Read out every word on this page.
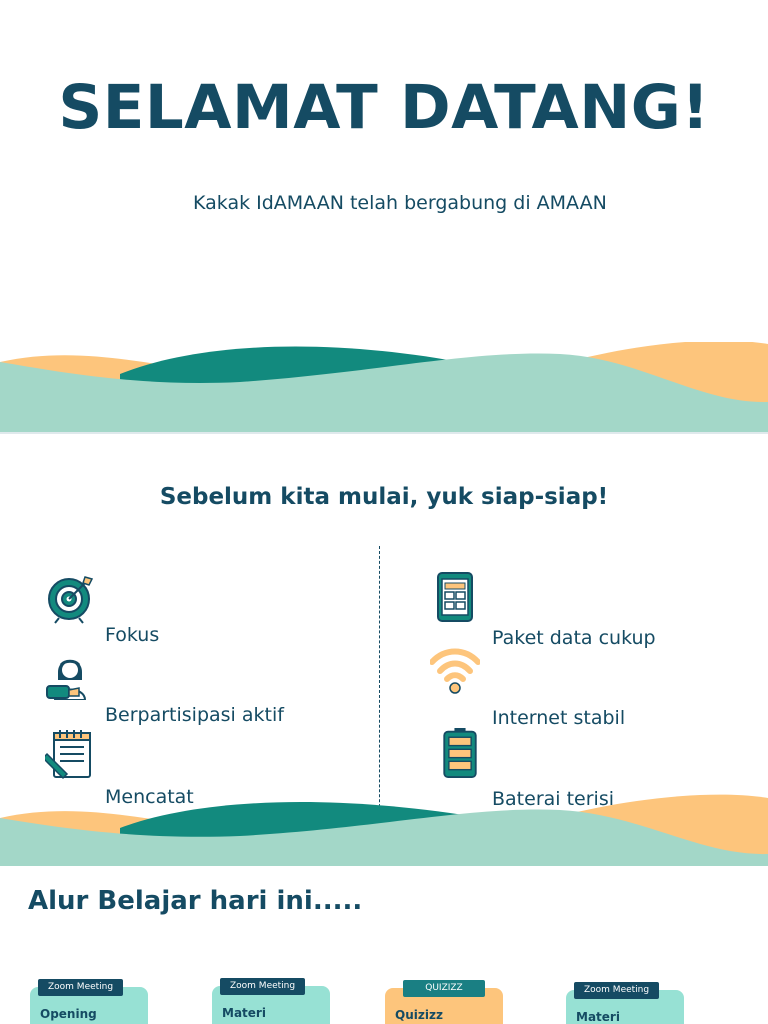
SELAMAT DATANG!
Kakak IdAMAAN telah bergabung di AMAAN
Sebelum kita mulai, yuk siap-siap!
Fokus
Berpartisipasi aktif
Mencatat
Paket data cukup
Internet stabil
Baterai terisi
Alur Belajar hari ini.....
Zoom Meeting
Opening
Zoom Meeting
Materi
QUIZIZZ
Quizizz
Zoom Meeting
Materi
